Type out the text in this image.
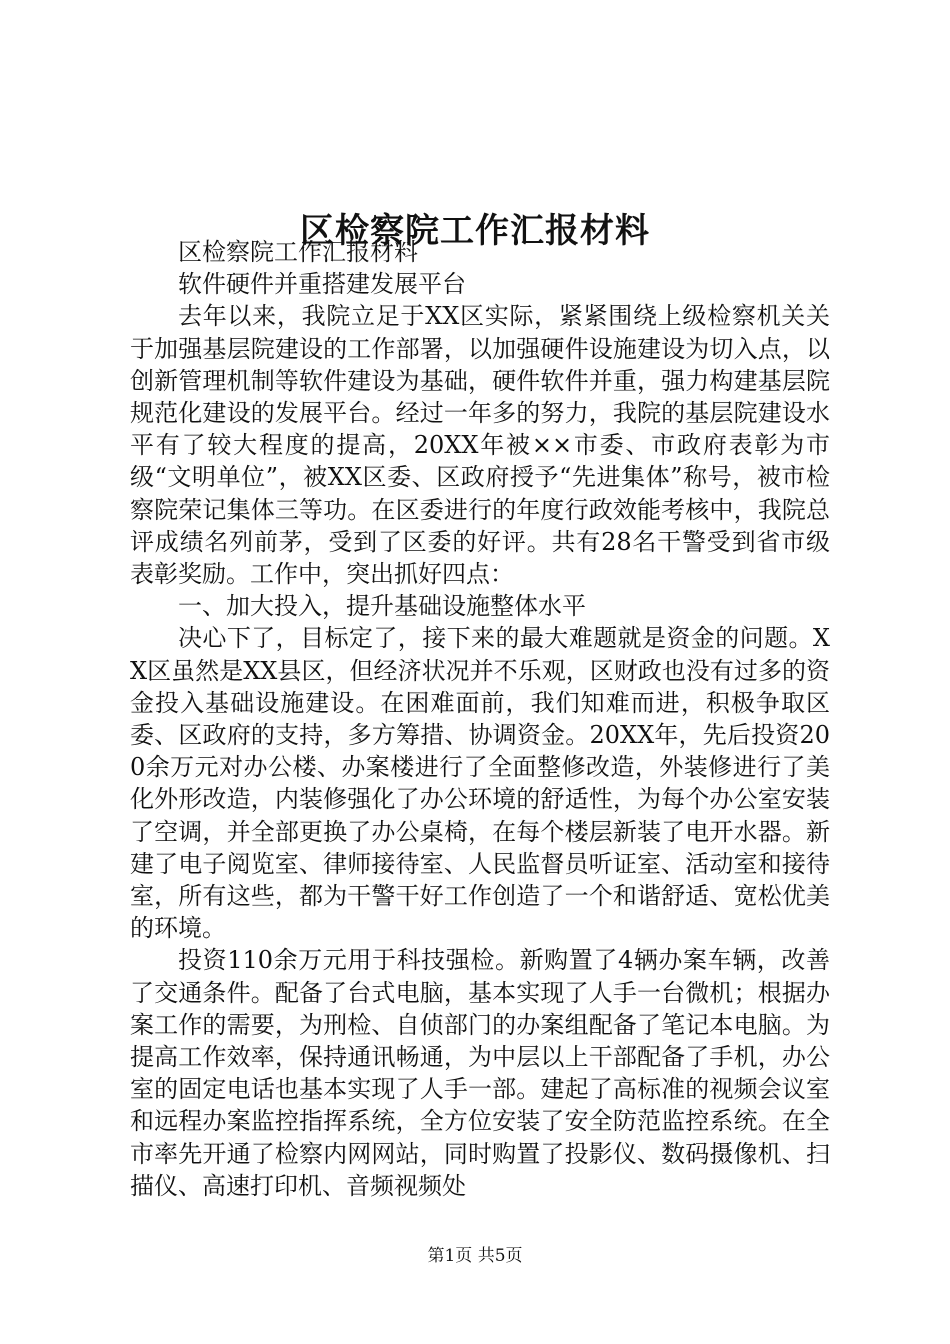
区检察院工作汇报材料

区检察院工作汇报材料

软件硬件并重搭建发展平台

去年以来，我院立足于XX区实际，紧紧围绕上级检察机关关于加强基层院建设的工作部署，以加强硬件设施建设为切入点，以创新管理机制等软件建设为基础，硬件软件并重，强力构建基层院规范化建设的发展平台。经过一年多的努力，我院的基层院建设水平有了较大程度的提高，20XX年被××市委、市政府表彰为市级“文明单位”，被XX区委、区政府授予“先进集体”称号，被市检察院荣记集体三等功。在区委进行的年度行政效能考核中，我院总评成绩名列前茅，受到了区委的好评。共有28名干警受到省市级表彰奖励。工作中，突出抓好四点：

一、加大投入，提升基础设施整体水平

决心下了，目标定了，接下来的最大难题就是资金的问题。XX区虽然是XX县区，但经济状况并不乐观，区财政也没有过多的资金投入基础设施建设。在困难面前，我们知难而进，积极争取区委、区政府的支持，多方筹措、协调资金。20XX年，先后投资200余万元对办公楼、办案楼进行了全面整修改造，外装修进行了美化外形改造，内装修强化了办公环境的舒适性，为每个办公室安装了空调，并全部更换了办公桌椅，在每个楼层新装了电开水器。新建了电子阅览室、律师接待室、人民监督员听证室、活动室和接待室，所有这些，都为干警干好工作创造了一个和谐舒适、宽松优美的环境。

投资110余万元用于科技强检。新购置了4辆办案车辆，改善了交通条件。配备了台式电脑，基本实现了人手一台微机；根据办案工作的需要，为刑检、自侦部门的办案组配备了笔记本电脑。为提高工作效率，保持通讯畅通，为中层以上干部配备了手机，办公室的固定电话也基本实现了人手一部。建起了高标准的视频会议室和远程办案监控指挥系统，全方位安装了安全防范监控系统。在全市率先开通了检察内网网站，同时购置了投影仪、数码摄像机、扫描仪、高速打印机、音频视频处

第1页 共5页
